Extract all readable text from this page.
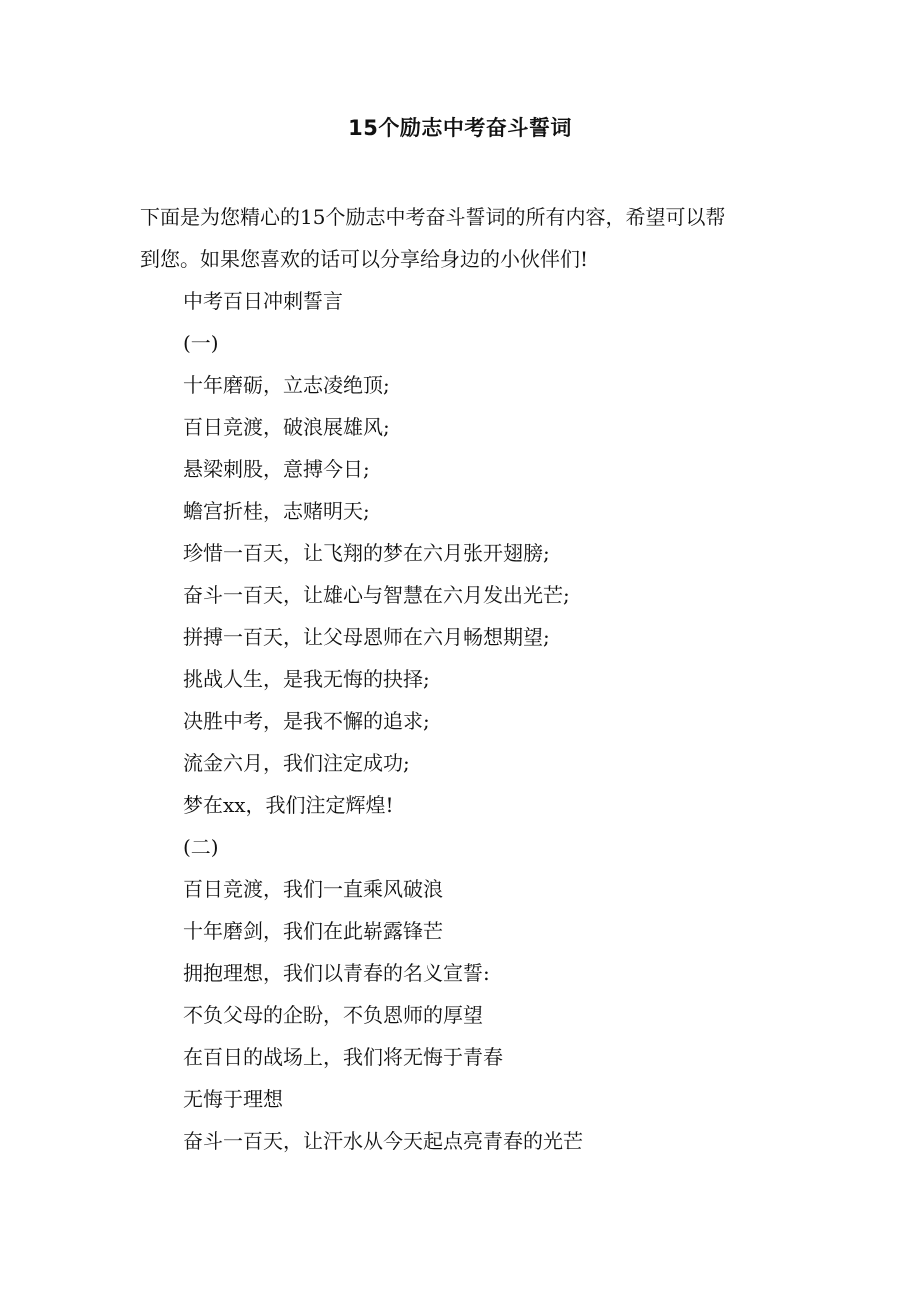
15个励志中考奋斗誓词

下面是为您精心的15个励志中考奋斗誓词的所有内容，希望可以帮

到您。如果您喜欢的话可以分享给身边的小伙伴们!

中考百日冲刺誓言

(一)

十年磨砺，立志凌绝顶;

百日竞渡，破浪展雄风;

悬梁刺股，意搏今日;

蟾宫折桂，志赌明天;

珍惜一百天，让飞翔的梦在六月张开翅膀;

奋斗一百天，让雄心与智慧在六月发出光芒;

拼搏一百天，让父母恩师在六月畅想期望;

挑战人生，是我无悔的抉择;

决胜中考，是我不懈的追求;

流金六月，我们注定成功;

梦在xx，我们注定辉煌!

(二)

百日竞渡，我们一直乘风破浪

十年磨剑，我们在此崭露锋芒

拥抱理想，我们以青春的名义宣誓:

不负父母的企盼，不负恩师的厚望

在百日的战场上，我们将无悔于青春

无悔于理想

奋斗一百天，让汗水从今天起点亮青春的光芒
